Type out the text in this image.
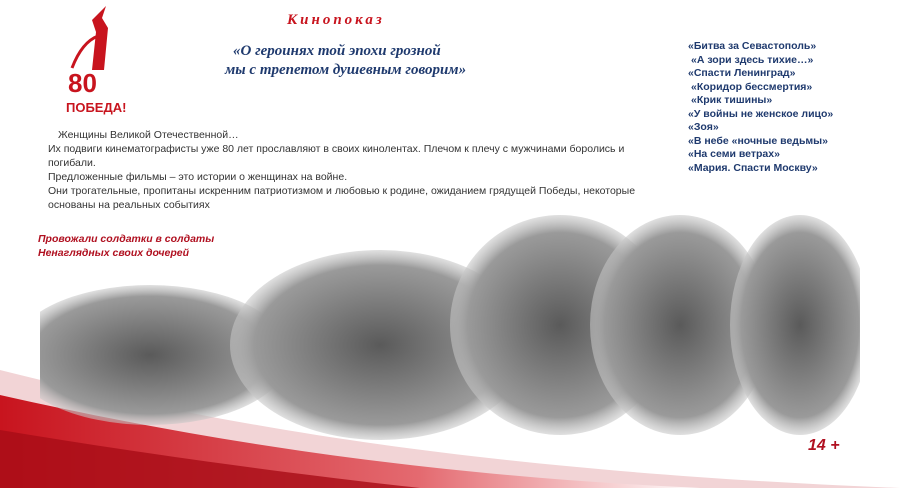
80
ПОБЕДА!
Кинопоказ
«О героинях той эпохи грозной
мы с трепетом душевным говорим»
«Битва за Севастополь»
«А зори здесь тихие…»
«Спасти Ленинград»
«Коридор бессмертия»
«Крик тишины»
«У войны не женское лицо»
«Зоя»
«В небе «ночные ведьмы»
«На семи ветрах»
«Мария. Спасти Москву»
Женщины Великой Отечественной…
Их подвиги кинематографисты уже 80 лет прославляют в своих кинолентах. Плечом к плечу с мужчинами боролись и погибали.
Предложенные фильмы – это истории о женщинах на войне.
Они трогательные, пропитаны искренним патриотизмом и любовью к родине, ожиданием грядущей Победы, некоторые основаны на реальных событиях
Провожали солдатки в солдаты
Ненаглядных своих дочерей
14 +
